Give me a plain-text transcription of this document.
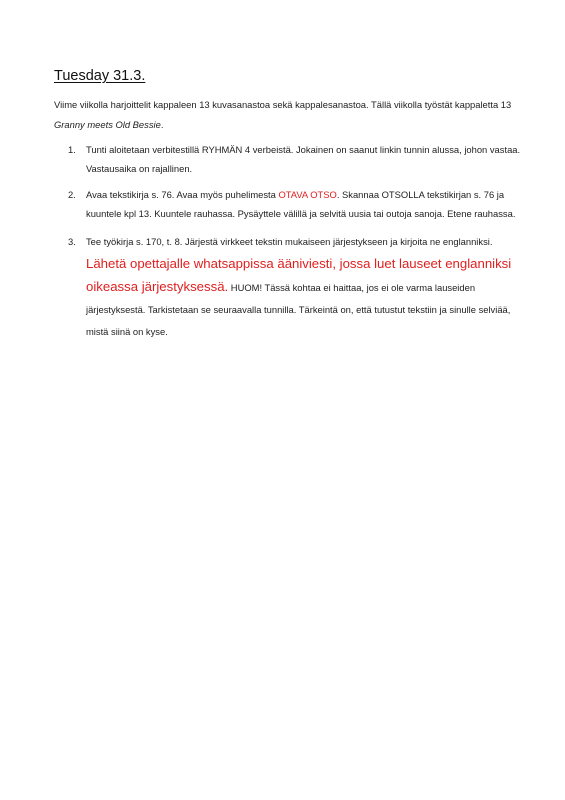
Tuesday 31.3.

Viime viikolla harjoittelit kappaleen 13 kuvasanastoa sekä kappalesanastoa. Tällä viikolla työstät kappaletta 13 Granny meets Old Bessie.

1. Tunti aloitetaan verbitestillä RYHMÄN 4 verbeistä. Jokainen on saanut linkin tunnin alussa, johon vastaa. Vastausaika on rajallinen.
2. Avaa tekstikirja s. 76. Avaa myös puhelimesta OTAVA OTSO. Skannaa OTSOLLA tekstikirjan s. 76 ja kuuntele kpl 13. Kuuntele rauhassa. Pysäyttele välillä ja selvitä uusia tai outoja sanoja. Etene rauhassa.
3. Tee työkirja s. 170, t. 8. Järjestä virkkeet tekstin mukaiseen järjestykseen ja kirjoita ne englanniksi. Lähetä opettajalle whatsappissa ääniviesti, jossa luet lauseet englanniksi oikeassa järjestyksessä. HUOM! Tässä kohtaa ei haittaa, jos ei ole varma lauseiden järjestyksestä. Tarkistetaan se seuraavalla tunnilla. Tärkeintä on, että tutustut tekstiin ja sinulle selviää, mistä siinä on kyse.
